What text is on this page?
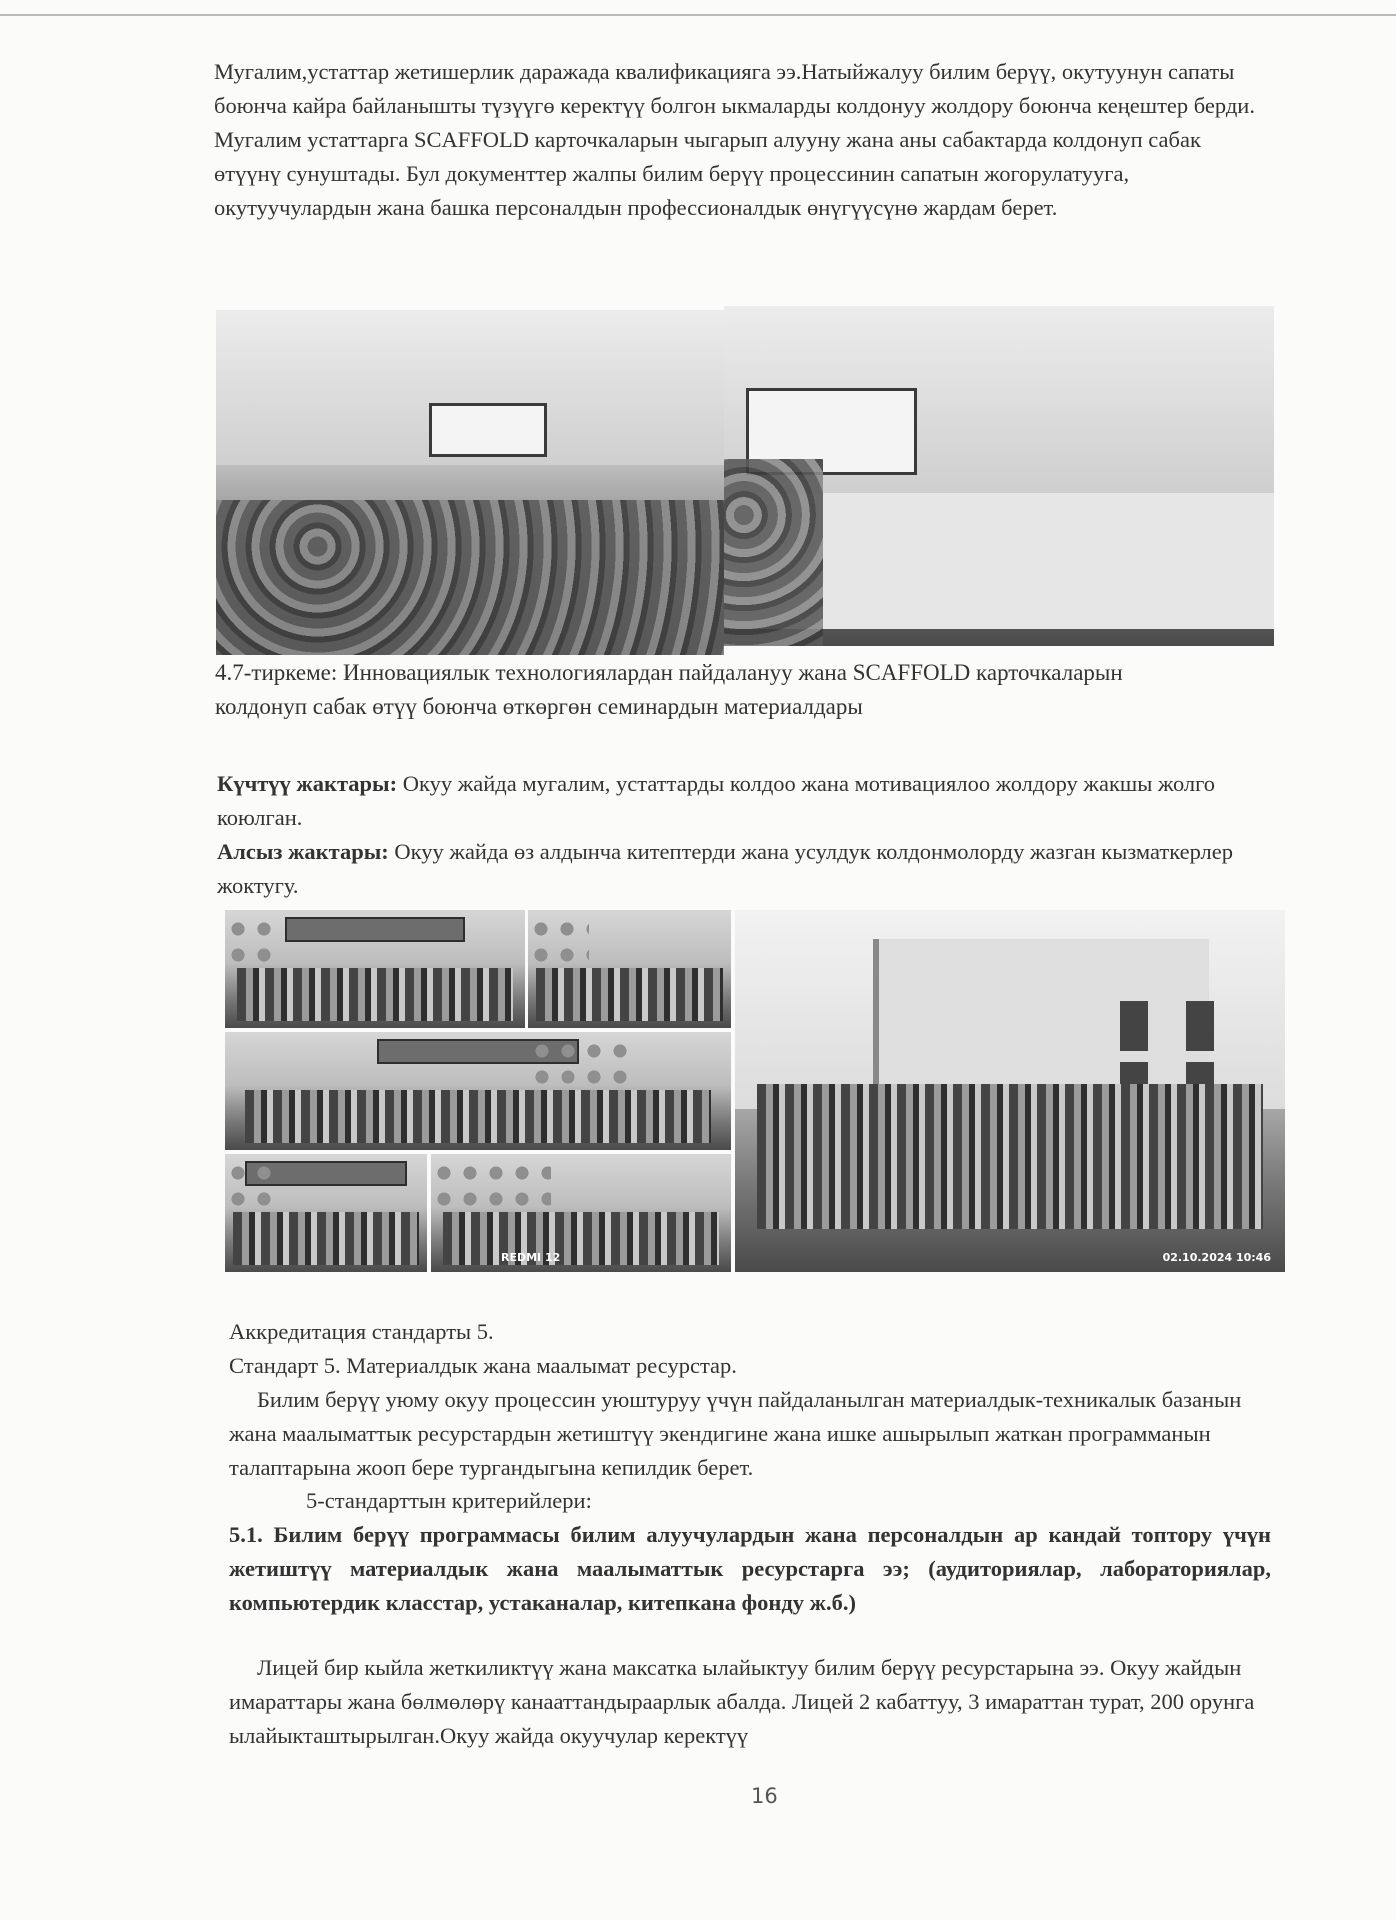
Мугалим,устаттар жетишерлик даражада квалификацияга ээ.Натыйжалуу билим берүү, окутуунун сапаты боюнча кайра байланышты түзүүгө керектүү болгон ыкмаларды колдонуу жолдору боюнча кеңештер берди. Мугалим устаттарга SCAFFOLD карточкаларын чыгарып алууну жана аны сабактарда колдонуп сабак өтүүнү сунуштады. Бул документтер жалпы билим берүү процессинин сапатын жогорулатууга, окутуучулардын жана башка персоналдын профессионалдык өнүгүүсүнө жардам берет.

4.7-тиркеме: Инновациялык технологиялардан пайдалануу жана SCAFFOLD карточкаларын колдонуп сабак өтүү боюнча өткөргөн семинардын материалдары

Күчтүү жактары: Окуу жайда мугалим, устаттарды колдоо жана мотивациялоо жолдору жакшы жолго коюлган.

Алсыз жактары: Окуу жайда өз алдынча китептерди жана усулдук колдонмолорду жазган кызматкерлер жоктугу.

REDMI 12	02.10.2024 10:46

Аккредитация стандарты 5.

Стандарт 5. Материалдык жана маалымат ресурстар.

Билим берүү уюму окуу процессин уюштуруу үчүн пайдаланылган материалдык-техникалык базанын жана маалыматтык ресурстардын жетиштүү экендигине жана ишке ашырылып жаткан программанын талаптарына жооп бере тургандыгына кепилдик берет.

5-стандарттын критерийлери:

5.1. Билим берүү программасы билим алуучулардын жана персоналдын ар кандай топтору үчүн жетиштүү материалдык жана маалыматтык ресурстарга ээ; (аудиториялар, лабораториялар, компьютердик класстар, устаканалар, китепкана фонду ж.б.)

Лицей бир кыйла жеткиликтүү жана максатка ылайыктуу билим берүү ресурстарына ээ. Окуу жайдын имараттары жана бөлмөлөрү канааттандыраарлык абалда. Лицей 2 кабаттуу, 3 имараттан турат, 200 орунга ылайыкташтырылган.Окуу жайда окуучулар керектүү

16
